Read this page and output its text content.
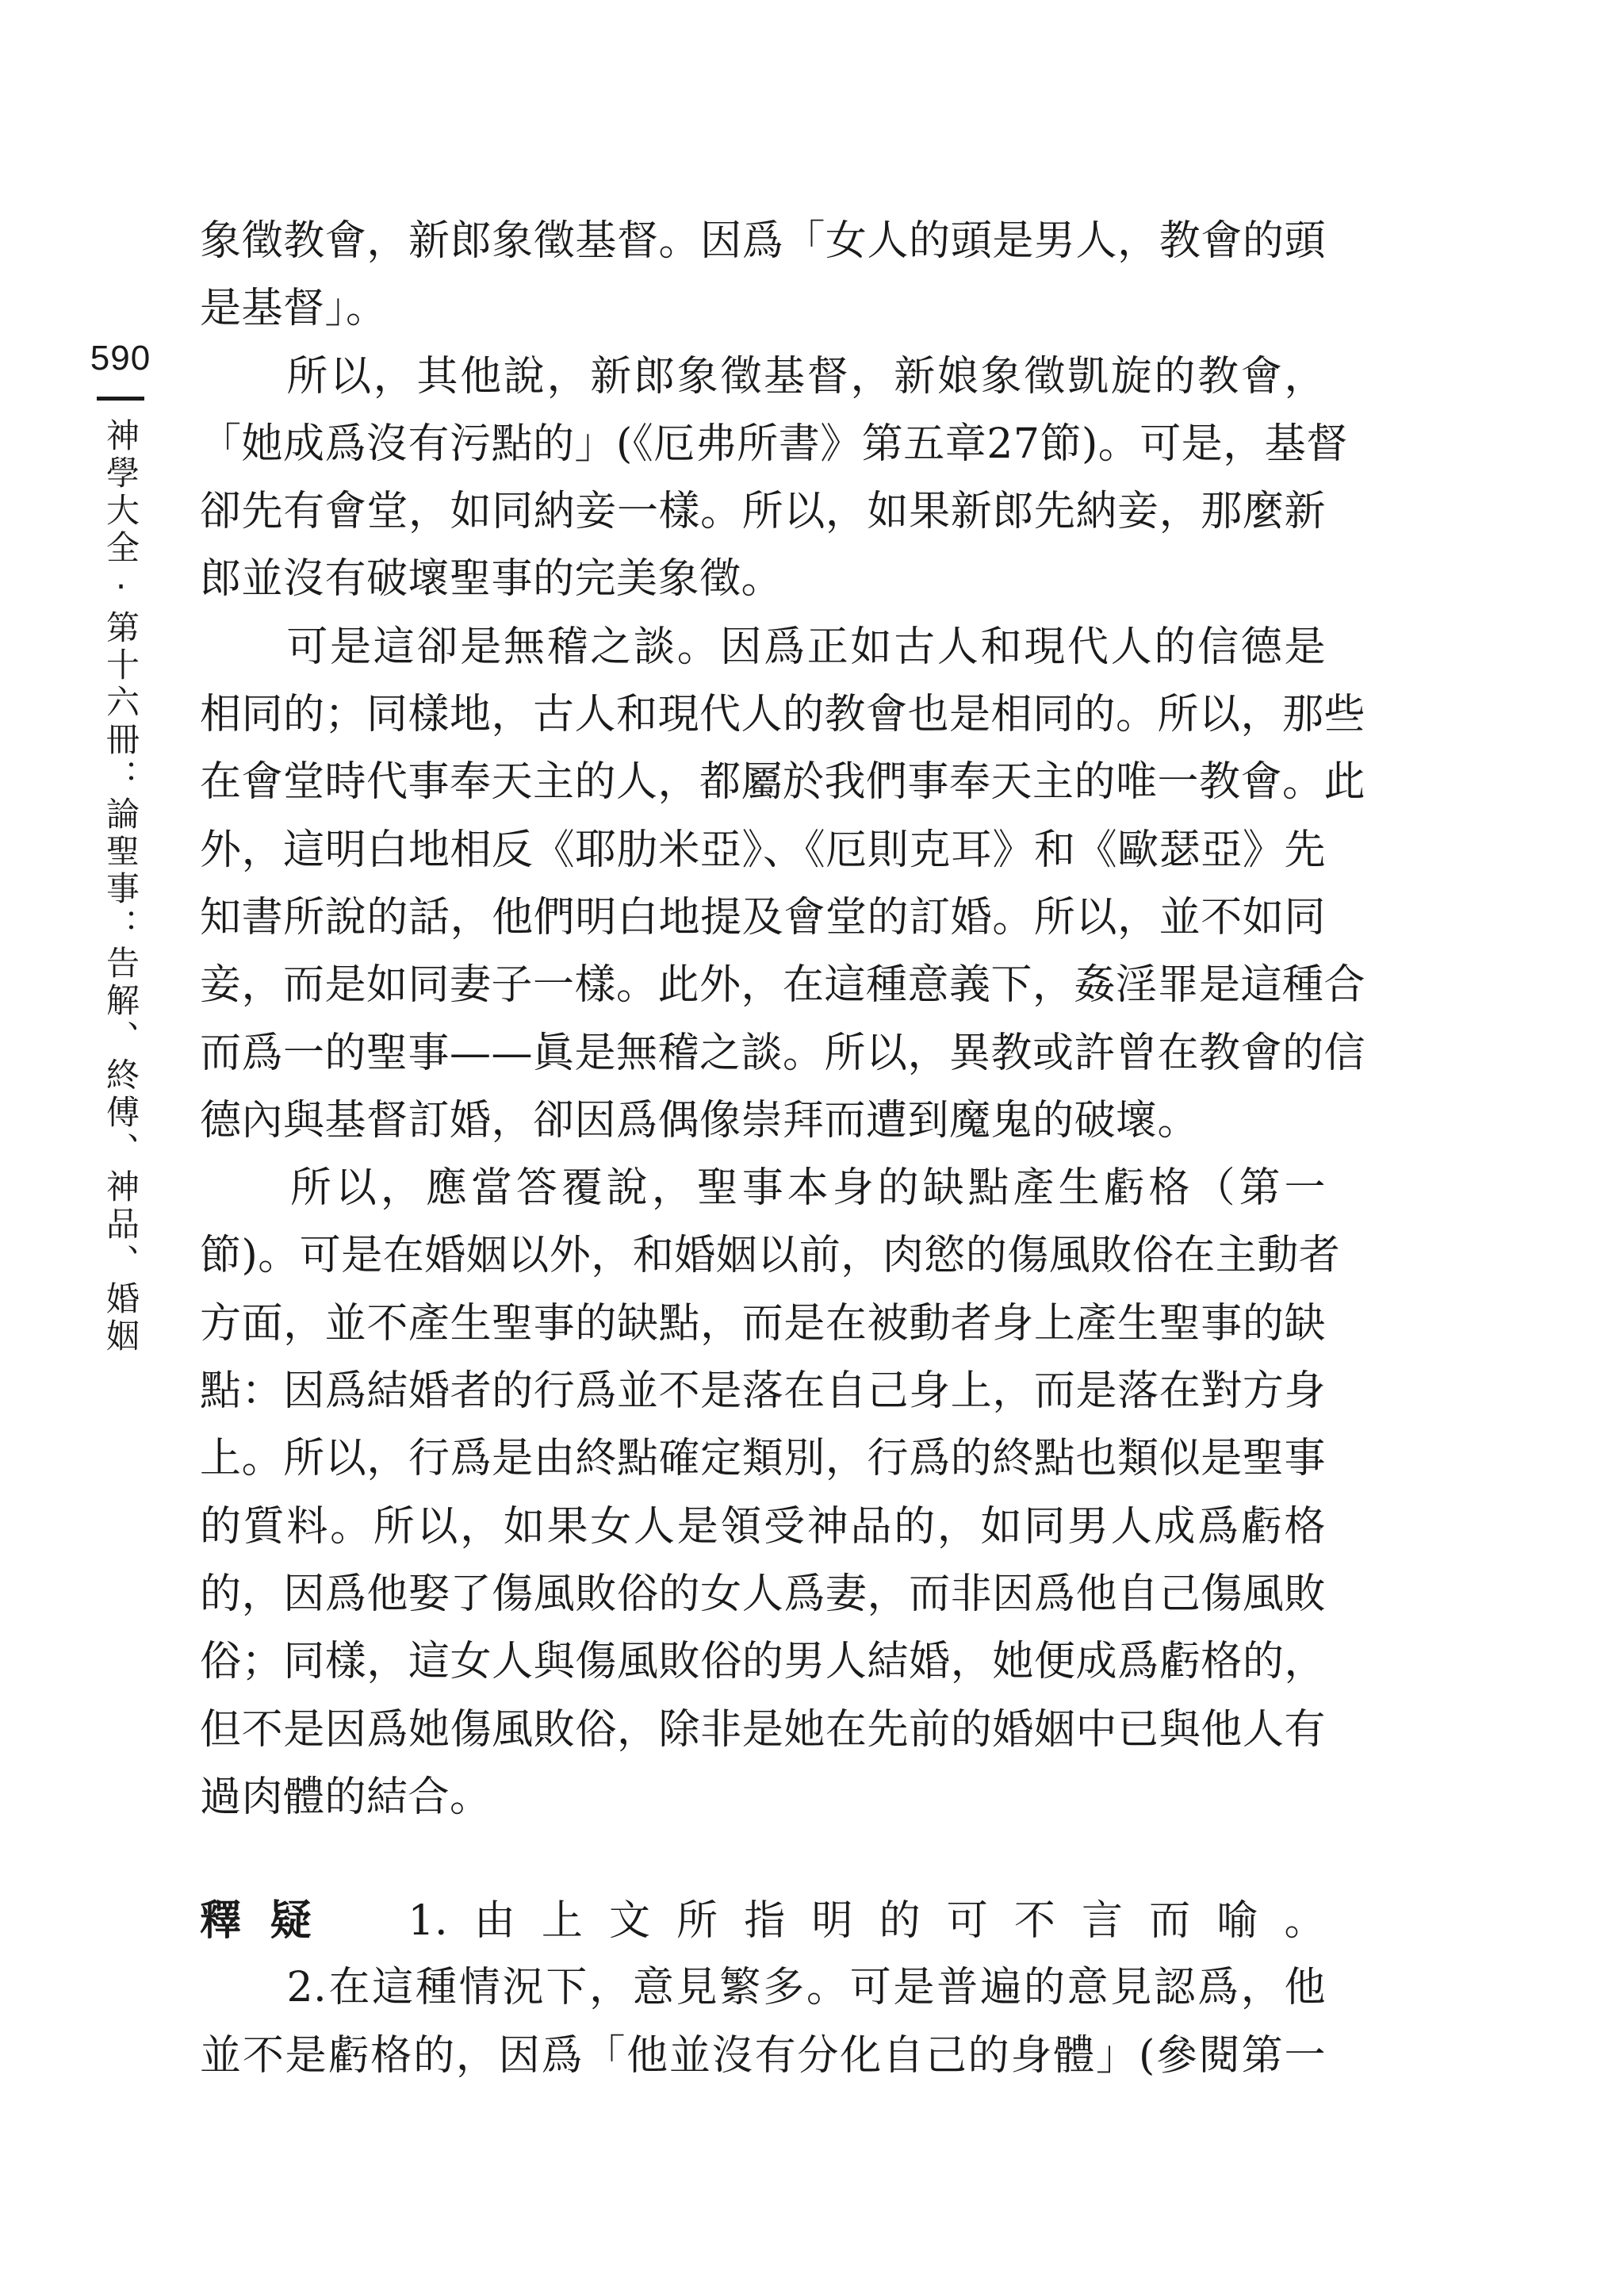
590
神學大全·第十六冊：論聖事：告解、終傅、神品、婚姻
象徵教會，新郎象徵基督。因爲「女人的頭是男人，教會的頭
是基督」。
　　所以，其他說，新郎象徵基督，新娘象徵凱旋的教會，
「她成爲沒有污點的」(《厄弗所書》第五章27節)。可是，基督
卻先有會堂，如同納妾一樣。所以，如果新郎先納妾，那麼新
郎並沒有破壞聖事的完美象徵。
　　可是這卻是無稽之談。因爲正如古人和現代人的信德是
相同的；同樣地，古人和現代人的教會也是相同的。所以，那些
在會堂時代事奉天主的人，都屬於我們事奉天主的唯一教會。此
外，這明白地相反《耶肋米亞》、《厄則克耳》和《歐瑟亞》先
知書所說的話，他們明白地提及會堂的訂婚。所以，並不如同
妾，而是如同妻子一樣。此外，在這種意義下，姦淫罪是這種合
而爲一的聖事——眞是無稽之談。所以，異教或許曾在教會的信
德內與基督訂婚，卻因爲偶像崇拜而遭到魔鬼的破壞。
　　所以，應當答覆說，聖事本身的缺點產生虧格（第一
節)。可是在婚姻以外，和婚姻以前，肉慾的傷風敗俗在主動者
方面，並不產生聖事的缺點，而是在被動者身上產生聖事的缺
點：因爲結婚者的行爲並不是落在自己身上，而是落在對方身
上。所以，行爲是由終點確定類別，行爲的終點也類似是聖事
的質料。所以，如果女人是領受神品的，如同男人成爲虧格
的，因爲他娶了傷風敗俗的女人爲妻，而非因爲他自己傷風敗
俗；同樣，這女人與傷風敗俗的男人結婚，她便成爲虧格的，
但不是因爲她傷風敗俗，除非是她在先前的婚姻中已與他人有
過肉體的結合。
釋疑　 1.由上文所指明的可不言而喻。
　　2.在這種情況下，意見繁多。可是普遍的意見認爲，他
並不是虧格的，因爲「他並沒有分化自己的身體」(參閱第一
